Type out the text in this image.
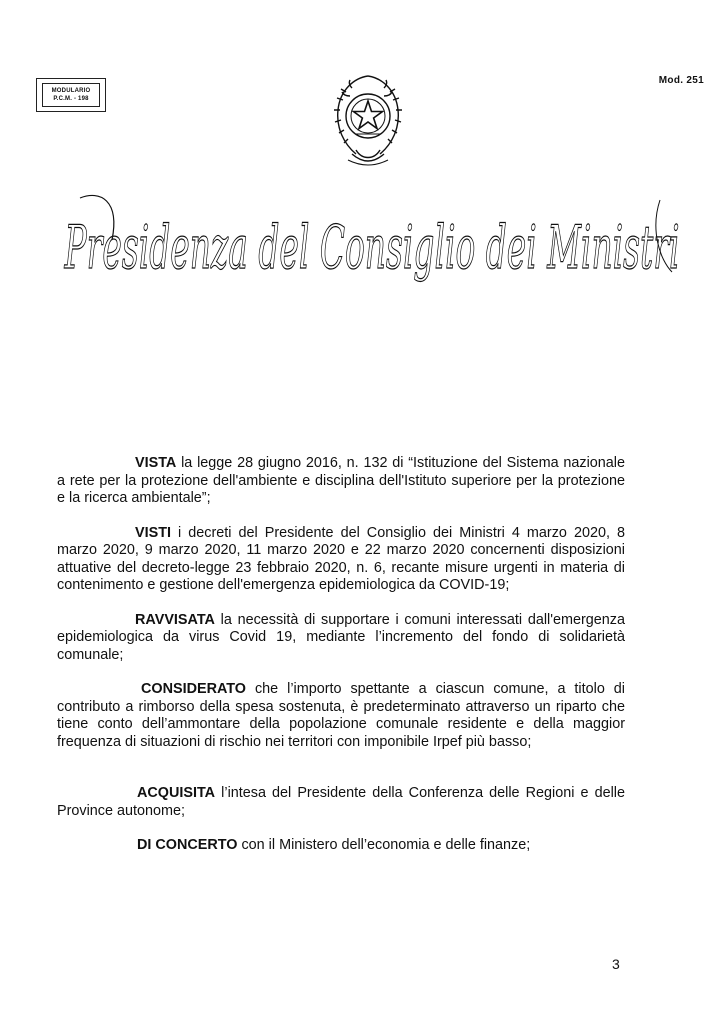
MODULARIO
P.C.M. - 198
Mod. 251
Presidenza del Consiglio dei Ministri

VISTA la legge 28 giugno 2016, n. 132 di “Istituzione del Sistema nazionale a rete per la protezione dell'ambiente e disciplina dell'Istituto superiore per la protezione e la ricerca ambientale”;

VISTI i decreti del Presidente del Consiglio dei Ministri 4 marzo 2020, 8 marzo 2020, 9 marzo 2020, 11 marzo 2020 e 22 marzo 2020 concernenti disposizioni attuative del decreto-legge 23 febbraio 2020, n. 6, recante misure urgenti in materia di contenimento e gestione dell'emergenza epidemiologica da COVID-19;

RAVVISATA la necessità di supportare i comuni interessati dall'emergenza epidemiologica da virus Covid 19, mediante l’incremento del fondo di solidarietà comunale;

CONSIDERATO che l’importo spettante a ciascun comune, a titolo di contributo a rimborso della spesa sostenuta, è predeterminato attraverso un riparto che tiene conto dell’ammontare della popolazione comunale residente e della maggior frequenza di situazioni di rischio nei territori con imponibile Irpef più basso;

ACQUISITA l’intesa del Presidente della Conferenza delle Regioni e delle Province autonome;

DI CONCERTO con il Ministero dell’economia e delle finanze;

3
